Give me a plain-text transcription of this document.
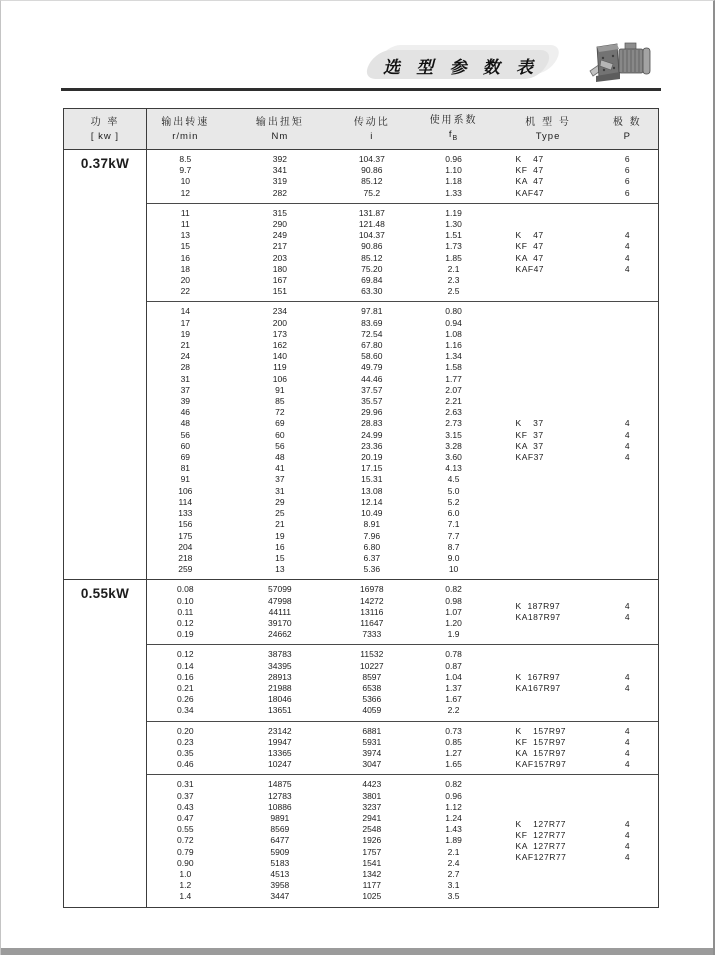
选 型 参 数 表
功 率
[ kw ]
输出转速
r/min
输出扭矩
Nm
传动比
i
使用系数
$f_B$
机 型 号
Type
极 数
P
0.37kW	8.5
9.7
10
12
392
341
319
282
104.37
90.86
85.12
75.2
0.96
1.10
1.18
1.33
K    47
KF  47
KA  47
KAF47
6
6
6
6
11
11
13
15
16
18
20
22
315
290
249
217
203
180
167
151
131.87
121.48
104.37
90.86
85.12
75.20
69.84
63.30
1.19
1.30
1.51
1.73
1.85
2.1
2.3
2.5
K    47
KF  47
KA  47
KAF47
4
4
4
4
14
17
19
21
24
28
31
37
39
46
48
56
60
69
81
91
106
114
133
156
175
204
218
259
234
200
173
162
140
119
106
91
85
72
69
60
56
48
41
37
31
29
25
21
19
16
15
13
97.81
83.69
72.54
67.80
58.60
49.79
44.46
37.57
35.57
29.96
28.83
24.99
23.36
20.19
17.15
15.31
13.08
12.14
10.49
8.91
7.96
6.80
6.37
5.36
0.80
0.94
1.08
1.16
1.34
1.58
1.77
2.07
2.21
2.63
2.73
3.15
3.28
3.60
4.13
4.5
5.0
5.2
6.0
7.1
7.7
8.7
9.0
10
K    37
KF  37
KA  37
KAF37
4
4
4
4
0.55kW	0.08
0.10
0.11
0.12
0.19
57099
47998
44111
39170
24662
16978
14272
13116
11647
7333
0.82
0.98
1.07
1.20
1.9
K  187R97
KA187R97
4
4
0.12
0.14
0.16
0.21
0.26
0.34
38783
34395
28913
21988
18046
13651
11532
10227
8597
6538
5366
4059
0.78
0.87
1.04
1.37
1.67
2.2
K  167R97
KA167R97
4
4
0.20
0.23
0.35
0.46
23142
19947
13365
10247
6881
5931
3974
3047
0.73
0.85
1.27
1.65
K    157R97
KF  157R97
KA  157R97
KAF157R97
4
4
4
4
0.31
0.37
0.43
0.47
0.55
0.72
0.79
0.90
1.0
1.2
1.4
14875
12783
10886
9891
8569
6477
5909
5183
4513
3958
3447
4423
3801
3237
2941
2548
1926
1757
1541
1342
1177
1025
0.82
0.96
1.12
1.24
1.43
1.89
2.1
2.4
2.7
3.1
3.5
K    127R77
KF  127R77
KA  127R77
KAF127R77
4
4
4
4
